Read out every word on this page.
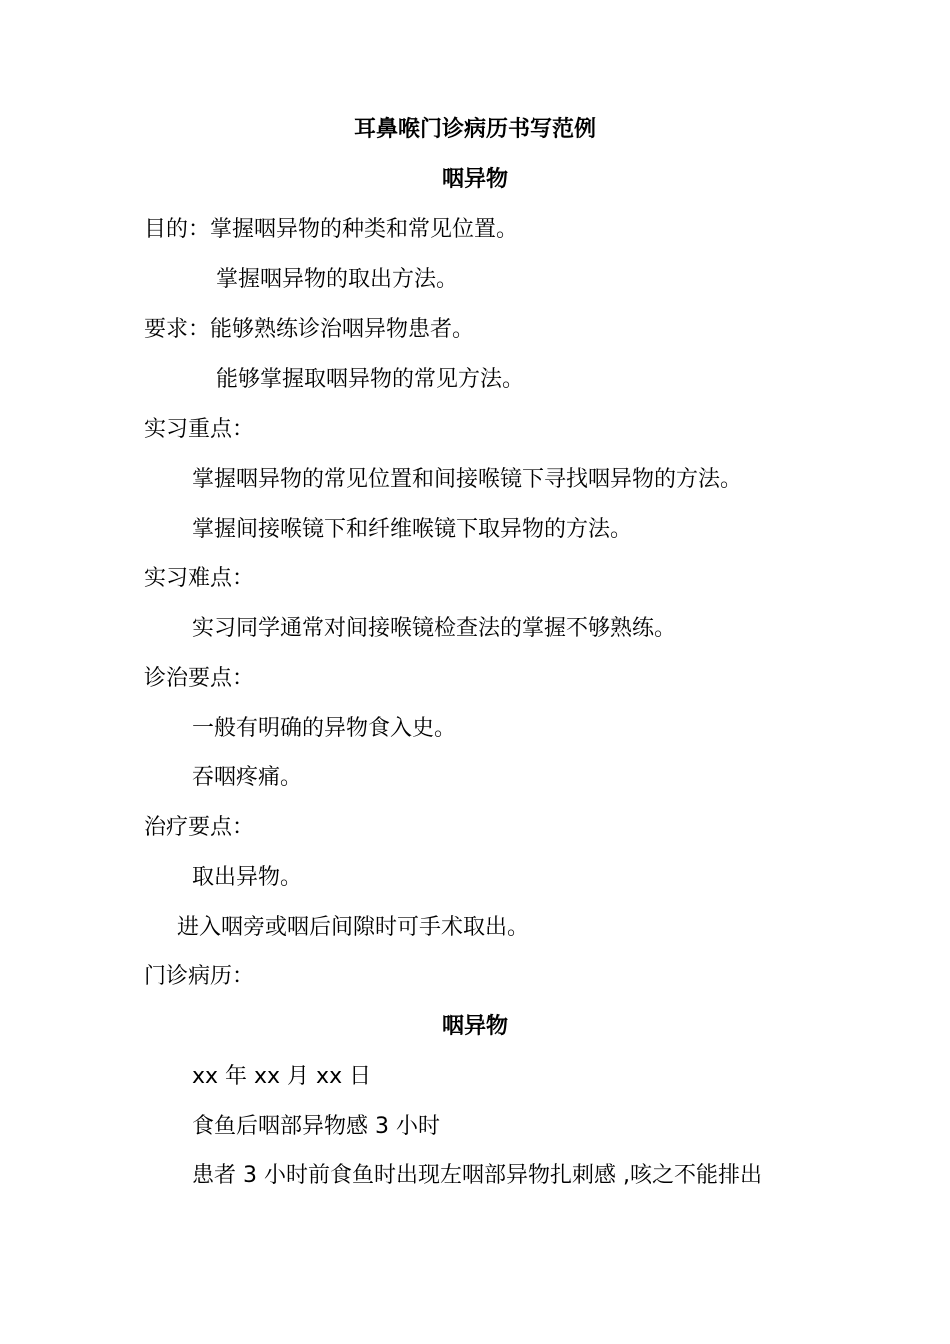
耳鼻喉门诊病历书写范例
咽异物
目的：掌握咽异物的种类和常见位置。
掌握咽异物的取出方法。
要求：能够熟练诊治咽异物患者。
能够掌握取咽异物的常见方法。
实习重点：
掌握咽异物的常见位置和间接喉镜下寻找咽异物的方法。
掌握间接喉镜下和纤维喉镜下取异物的方法。
实习难点：
实习同学通常对间接喉镜检查法的掌握不够熟练。
诊治要点：
一般有明确的异物食入史。
吞咽疼痛。
治疗要点：
取出异物。
进入咽旁或咽后间隙时可手术取出。
门诊病历：
咽异物
xx 年 xx 月 xx 日
食鱼后咽部异物感 3 小时
患者 3 小时前食鱼时出现左咽部异物扎刺感 ,咳之不能排出
